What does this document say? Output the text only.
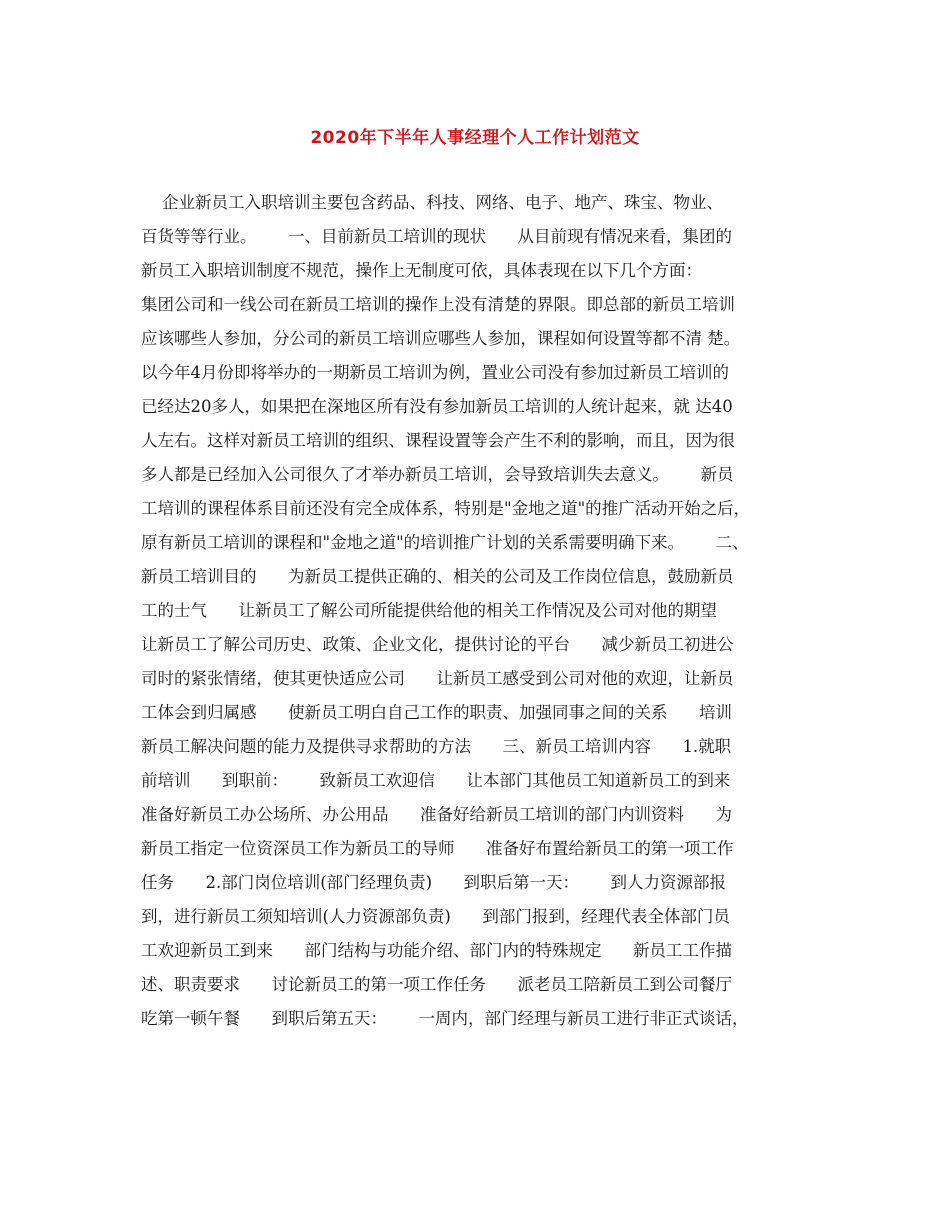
2020年下半年人事经理个人工作计划范文
企业新员工入职培训主要包含药品、科技、网络、电子、地产、珠宝、物业、
百货等等行业。      一、目前新员工培训的现状      从目前现有情况来看，集团的
新员工入职培训制度不规范，操作上无制度可依，具体表现在以下几个方面：
集团公司和一线公司在新员工培训的操作上没有清楚的界限。即总部的新员工培训
应该哪些人参加，分公司的新员工培训应哪些人参加，课程如何设置等都不清 楚。
以今年4月份即将举办的一期新员工培训为例，置业公司没有参加过新员工培训的
已经达20多人，如果把在深地区所有没有参加新员工培训的人统计起来，就 达40
人左右。这样对新员工培训的组织、课程设置等会产生不利的影响，而且，因为很
多人都是已经加入公司很久了才举办新员工培训，会导致培训失去意义。      新员
工培训的课程体系目前还没有完全成体系，特别是"金地之道"的推广活动开始之后，
原有新员工培训的课程和"金地之道"的培训推广计划的关系需要明确下来。      二、
新员工培训目的      为新员工提供正确的、相关的公司及工作岗位信息，鼓励新员
工的士气      让新员工了解公司所能提供给他的相关工作情况及公司对他的期望
让新员工了解公司历史、政策、企业文化，提供讨论的平台      减少新员工初进公
司时的紧张情绪，使其更快适应公司      让新员工感受到公司对他的欢迎，让新员
工体会到归属感      使新员工明白自己工作的职责、加强同事之间的关系      培训
新员工解决问题的能力及提供寻求帮助的方法      三、新员工培训内容      1.就职
前培训      到职前：      致新员工欢迎信      让本部门其他员工知道新员工的到来
准备好新员工办公场所、办公用品      准备好给新员工培训的部门内训资料      为
新员工指定一位资深员工作为新员工的导师      准备好布置给新员工的第一项工作
任务      2.部门岗位培训(部门经理负责)      到职后第一天：      到人力资源部报
到，进行新员工须知培训(人力资源部负责)      到部门报到，经理代表全体部门员
工欢迎新员工到来      部门结构与功能介绍、部门内的特殊规定      新员工工作描
述、职责要求      讨论新员工的第一项工作任务      派老员工陪新员工到公司餐厅
吃第一顿午餐      到职后第五天：      一周内，部门经理与新员工进行非正式谈话，
